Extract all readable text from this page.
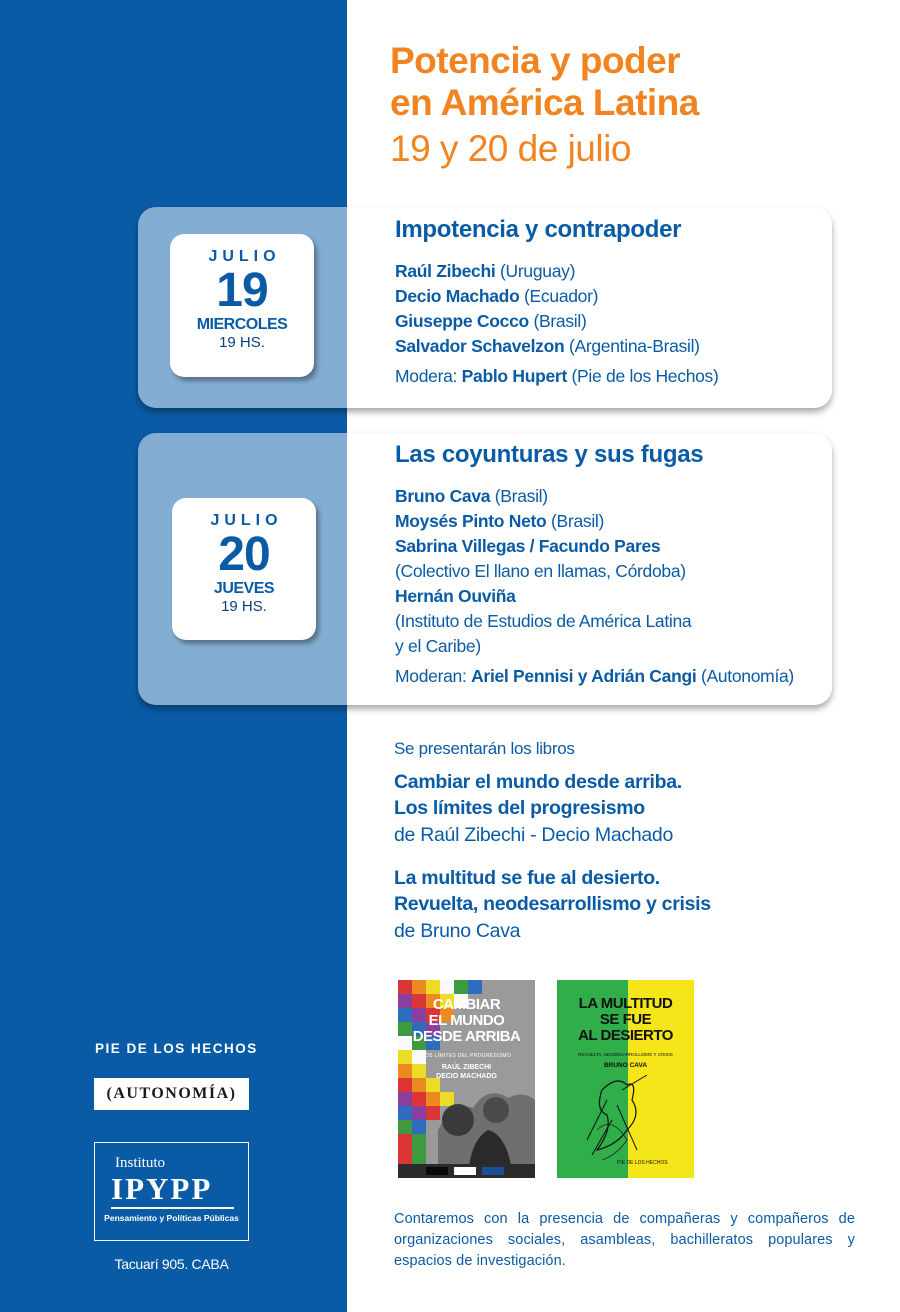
Potencia y poder
en América Latina
19 y 20 de julio
JULIO
19
MIERCOLES
19 HS.
Impotencia y contrapoder
Raúl Zibechi (Uruguay)
Decio Machado (Ecuador)
Giuseppe Cocco (Brasil)
Salvador Schavelzon (Argentina-Brasil)
Modera: Pablo Hupert (Pie de los Hechos)
JULIO
20
JUEVES
19 HS.
Las coyunturas y sus fugas
Bruno Cava (Brasil)
Moysés Pinto Neto (Brasil)
Sabrina Villegas / Facundo Pares
(Colectivo El llano en llamas, Córdoba)
Hernán Ouviña
(Instituto de Estudios de América Latina
y el Caribe)
Moderan: Ariel Pennisi y Adrián Cangi (Autonomía)
Se presentarán los libros
Cambiar el mundo desde arriba.
Los límites del progresismo
de Raúl Zibechi - Decio Machado
La multitud se fue al desierto.
Revuelta, neodesarrollismo y crisis
de Bruno Cava
CAMBIAR
EL MUNDO
DESDE ARRIBA
LOS LÍMITES DEL PROGRESISMO
RAÚL ZIBECHI
DECIO MACHADO
LA MULTITUD
SE FUE
AL DESIERTO
REVUELTA, NEODESARROLLISMO Y CRISIS
BRUNO CAVA
PIE DE LOS HECHOS
Contaremos con la presencia de compañeras y compañeros de organizaciones sociales, asambleas, bachilleratos populares y espacios de investigación.
PIE DE LOS HECHOS
(AUTONOMÍA)
Instituto
IPYPP
Pensamiento y Políticas Públicas
Tacuarí 905. CABA
